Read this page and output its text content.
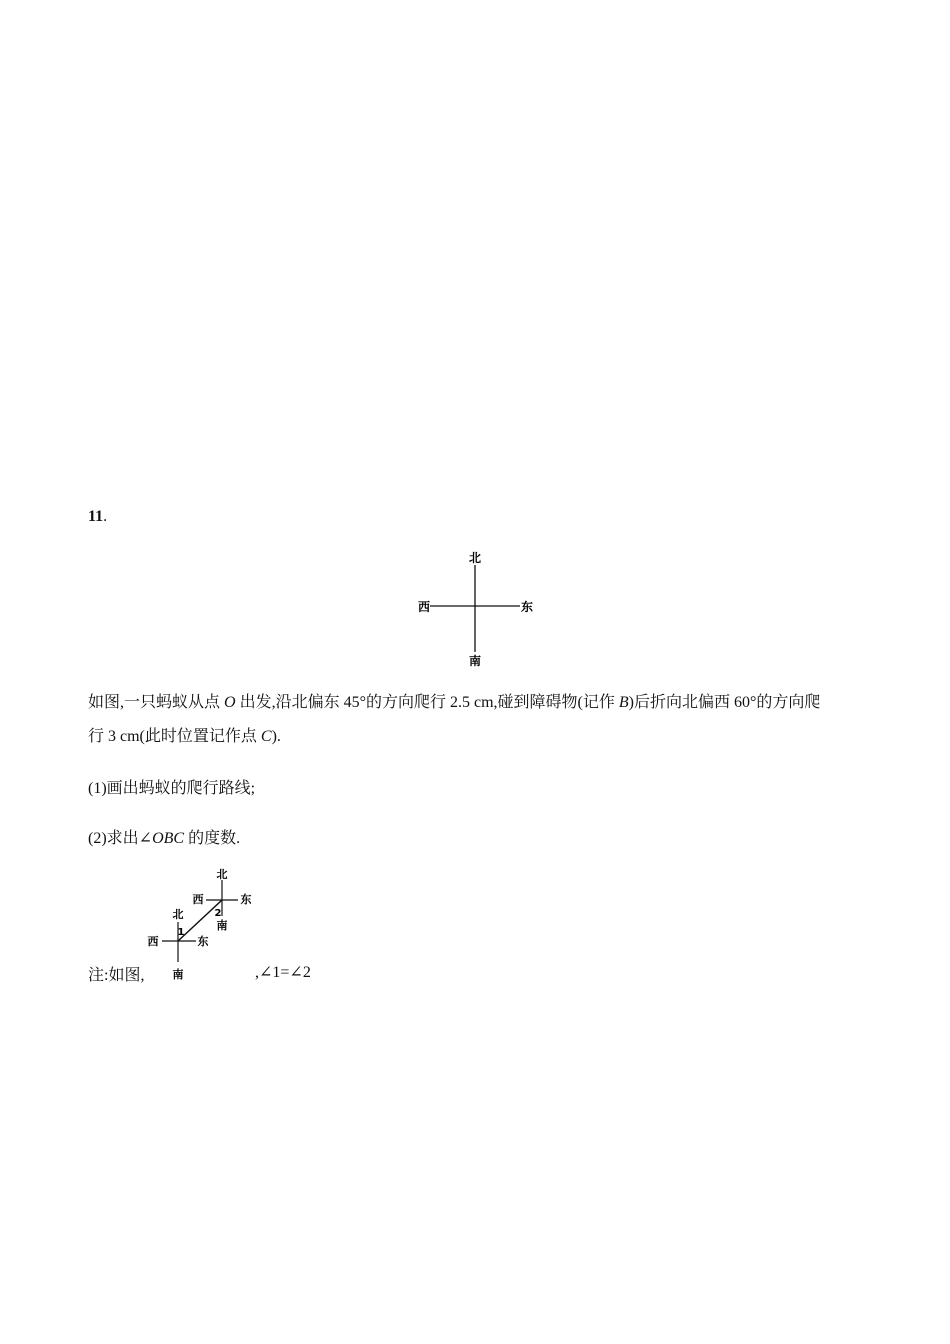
11.
北
南
西	东
如图,一只蚂蚁从点 O 出发,沿北偏东 45°的方向爬行 2.5 cm,碰到障碍物(记作 B)后折向北偏西 60°的方向爬
行 3 cm(此时位置记作点 C).
(1)画出蚂蚁的爬行路线;
(2)求出∠OBC 的度数.
注:如图,
北
西	东
南
2
北
西	东
南
1
,∠1=∠2
